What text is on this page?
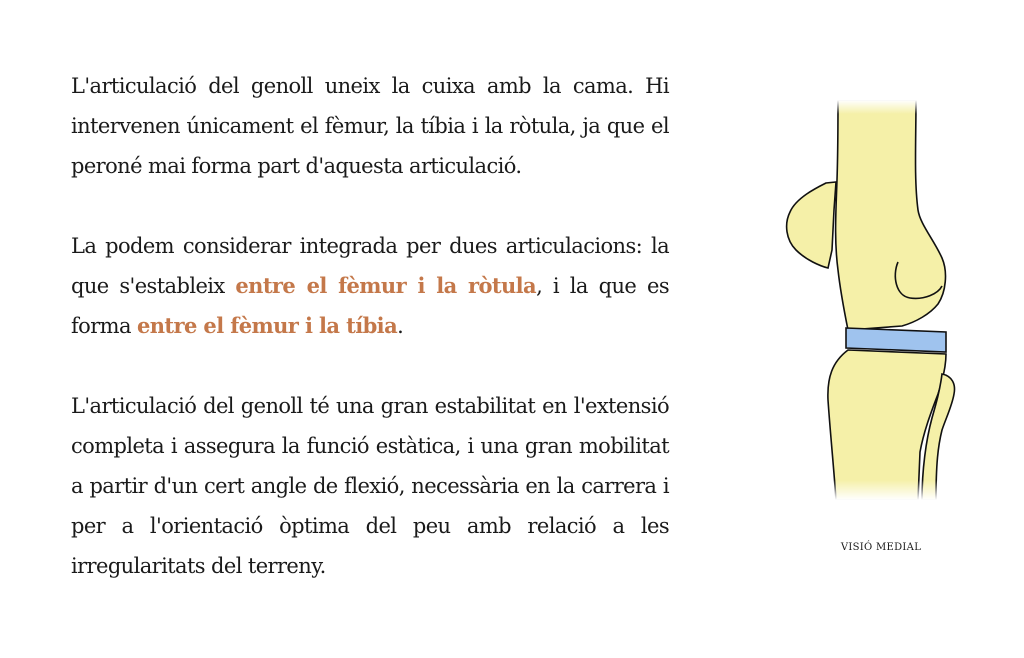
L'articulació del genoll uneix la cuixa amb la cama. Hi intervenen únicament el fèmur, la tíbia i la ròtula, ja que el peroné mai forma part d'aquesta articulació.

La podem considerar integrada per dues articulacions: la que s'estableix entre el fèmur i la ròtula, i la que es forma entre el fèmur i la tíbia.

L'articulació del genoll té una gran estabilitat en l'extensió completa i assegura la funció estàtica, i una gran mobilitat a partir d'un cert angle de flexió, necessària en la carrera i per a l'orientació òptima del peu amb relació a les irregularitats del terreny.

VISIÓ MEDIAL
